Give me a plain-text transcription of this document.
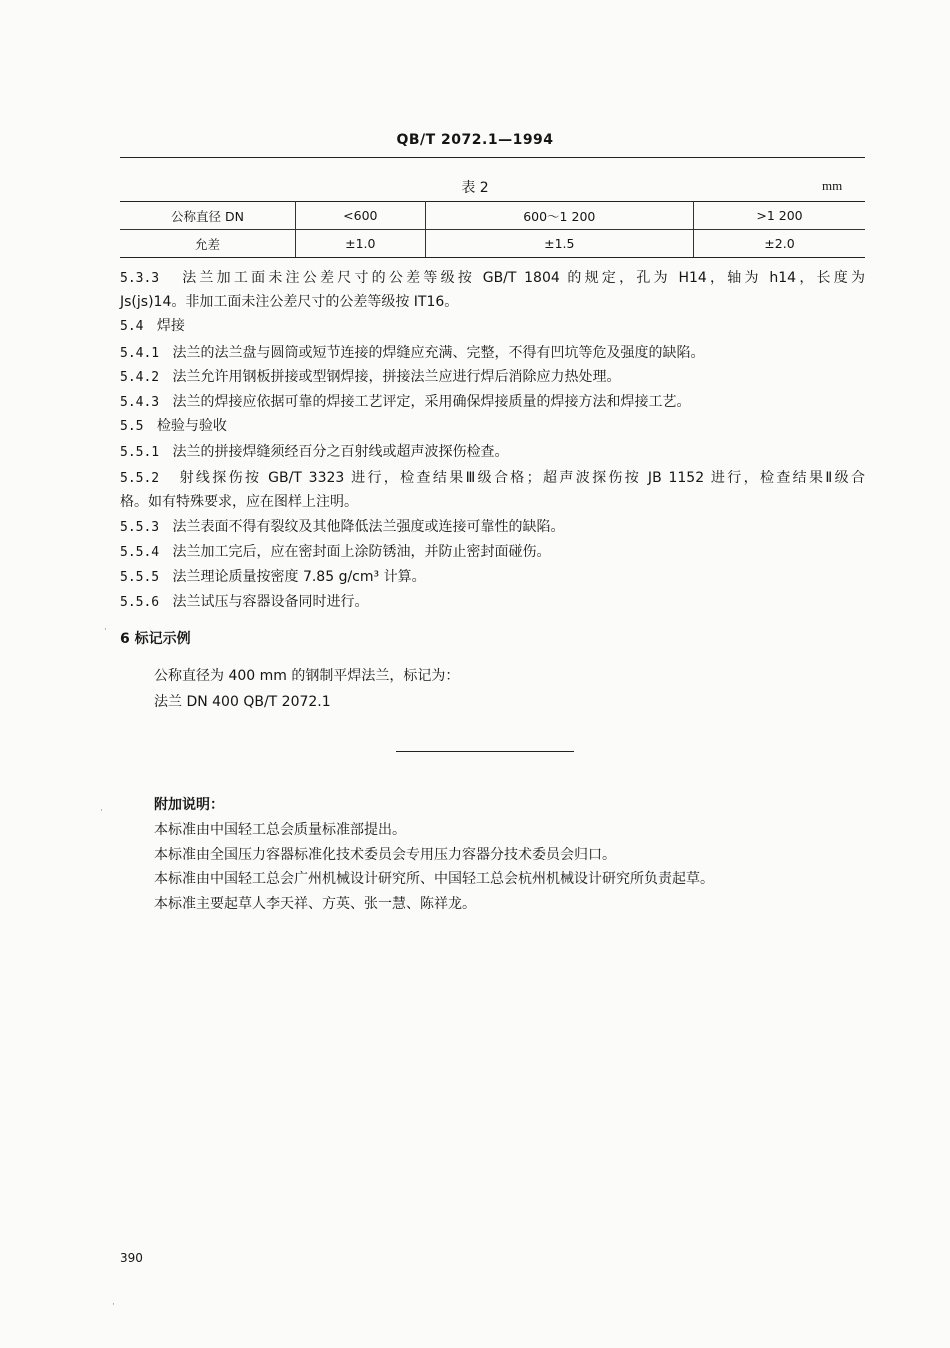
QB/T 2072.1—1994
表 2	mm
公称直径 DN	<600	600～1 200	>1 200
允差	±1.0	±1.5	±2.0
5.3.3 法兰加工面未注公差尺寸的公差等级按 GB/T 1804 的规定，孔为 H14，轴为 h14，长度为
Js(js)14。非加工面未注公差尺寸的公差等级按 IT16。
5.4 焊接
5.4.1 法兰的法兰盘与圆筒或短节连接的焊缝应充满、完整，不得有凹坑等危及强度的缺陷。
5.4.2 法兰允许用钢板拼接或型钢焊接，拼接法兰应进行焊后消除应力热处理。
5.4.3 法兰的焊接应依据可靠的焊接工艺评定，采用确保焊接质量的焊接方法和焊接工艺。
5.5 检验与验收
5.5.1 法兰的拼接焊缝须经百分之百射线或超声波探伤检查。
5.5.2 射线探伤按 GB/T 3323 进行，检查结果Ⅲ级合格；超声波探伤按 JB 1152 进行，检查结果Ⅱ级合
格。如有特殊要求，应在图样上注明。
5.5.3 法兰表面不得有裂纹及其他降低法兰强度或连接可靠性的缺陷。
5.5.4 法兰加工完后，应在密封面上涂防锈油，并防止密封面碰伤。
5.5.5 法兰理论质量按密度 7.85 g/cm³ 计算。
5.5.6 法兰试压与容器设备同时进行。
6 标记示例
公称直径为 400 mm 的钢制平焊法兰，标记为：
法兰 DN 400 QB/T 2072.1
附加说明：
本标准由中国轻工总会质量标准部提出。
本标准由全国压力容器标准化技术委员会专用压力容器分技术委员会归口。
本标准由中国轻工总会广州机械设计研究所、中国轻工总会杭州机械设计研究所负责起草。
本标准主要起草人李天祥、方英、张一慧、陈祥龙。
390
·
·
·
